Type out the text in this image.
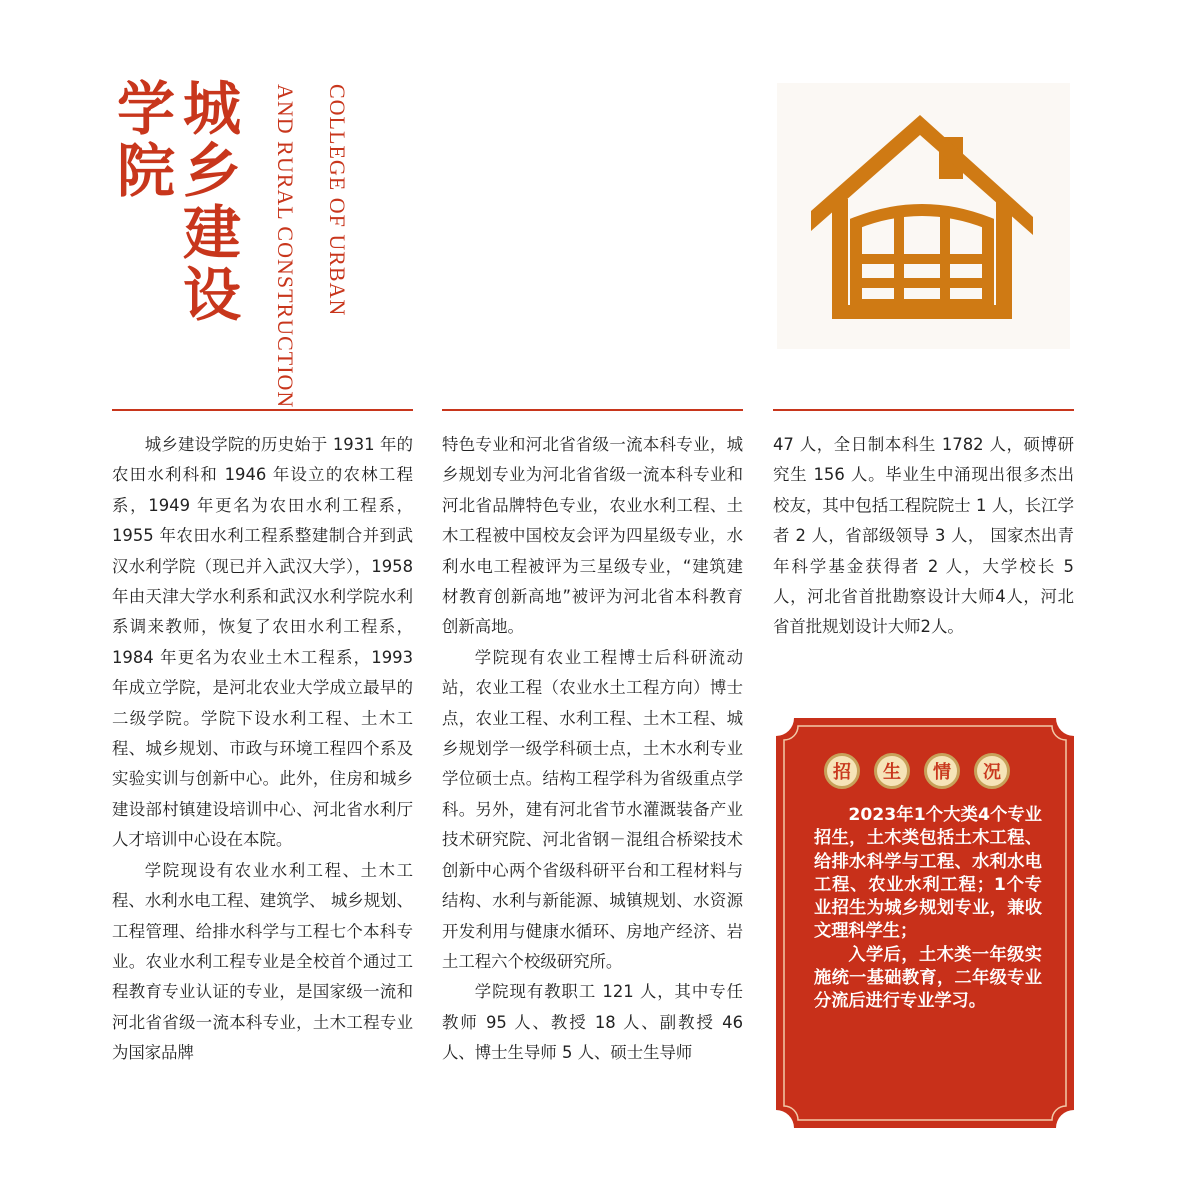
城乡建设
学院	COLLEGE OF URBAN
AND RURAL CONSTRUCTION

城乡建设学院的历史始于 1931 年的农田水利科和 1946 年设立的农林工程系，1949 年更名为农田水利工程系，1955 年农田水利工程系整建制合并到武汉水利学院（现已并入武汉大学），1958 年由天津大学水利系和武汉水利学院水利系调来教师，恢复了农田水利工程系，1984 年更名为农业土木工程系，1993 年成立学院，是河北农业大学成立最早的二级学院。学院下设水利工程、土木工程、城乡规划、市政与环境工程四个系及实验实训与创新中心。此外，住房和城乡建设部村镇建设培训中心、河北省水利厅人才培训中心设在本院。

学院现设有农业水利工程、土木工程、水利水电工程、建筑学、 城乡规划、工程管理、给排水科学与工程七个本科专业。农业水利工程专业是全校首个通过工程教育专业认证的专业，是国家级一流和河北省省级一流本科专业，土木工程专业为国家品牌

特色专业和河北省省级一流本科专业，城乡规划专业为河北省省级一流本科专业和河北省品牌特色专业，农业水利工程、土木工程被中国校友会评为四星级专业，水利水电工程被评为三星级专业，“建筑建材教育创新高地”被评为河北省本科教育创新高地。

学院现有农业工程博士后科研流动站，农业工程（农业水土工程方向）博士点，农业工程、水利工程、土木工程、城乡规划学一级学科硕士点，土木水利专业学位硕士点。结构工程学科为省级重点学科。另外，建有河北省节水灌溉装备产业技术研究院、河北省钢－混组合桥梁技术创新中心两个省级科研平台和工程材料与结构、水利与新能源、城镇规划、水资源开发利用与健康水循环、房地产经济、岩土工程六个校级研究所。

学院现有教职工 121 人，其中专任教师 95 人、教授 18 人、副教授 46 人、博士生导师 5 人、硕士生导师

47 人，全日制本科生 1782 人，硕博研究生 156 人。毕业生中涌现出很多杰出校友，其中包括工程院院士 1 人，长江学者 2 人，省部级领导 3 人， 国家杰出青年科学基金获得者 2 人，大学校长 5 人，河北省首批勘察设计大师4人，河北省首批规划设计大师2人。

招	生	情	况

2023年1个大类4个专业招生，土木类包括土木工程、给排水科学与工程、水利水电工程、农业水利工程；1个专业招生为城乡规划专业，兼收文理科学生；

入学后，土木类一年级实施统一基础教育，二年级专业分流后进行专业学习。
